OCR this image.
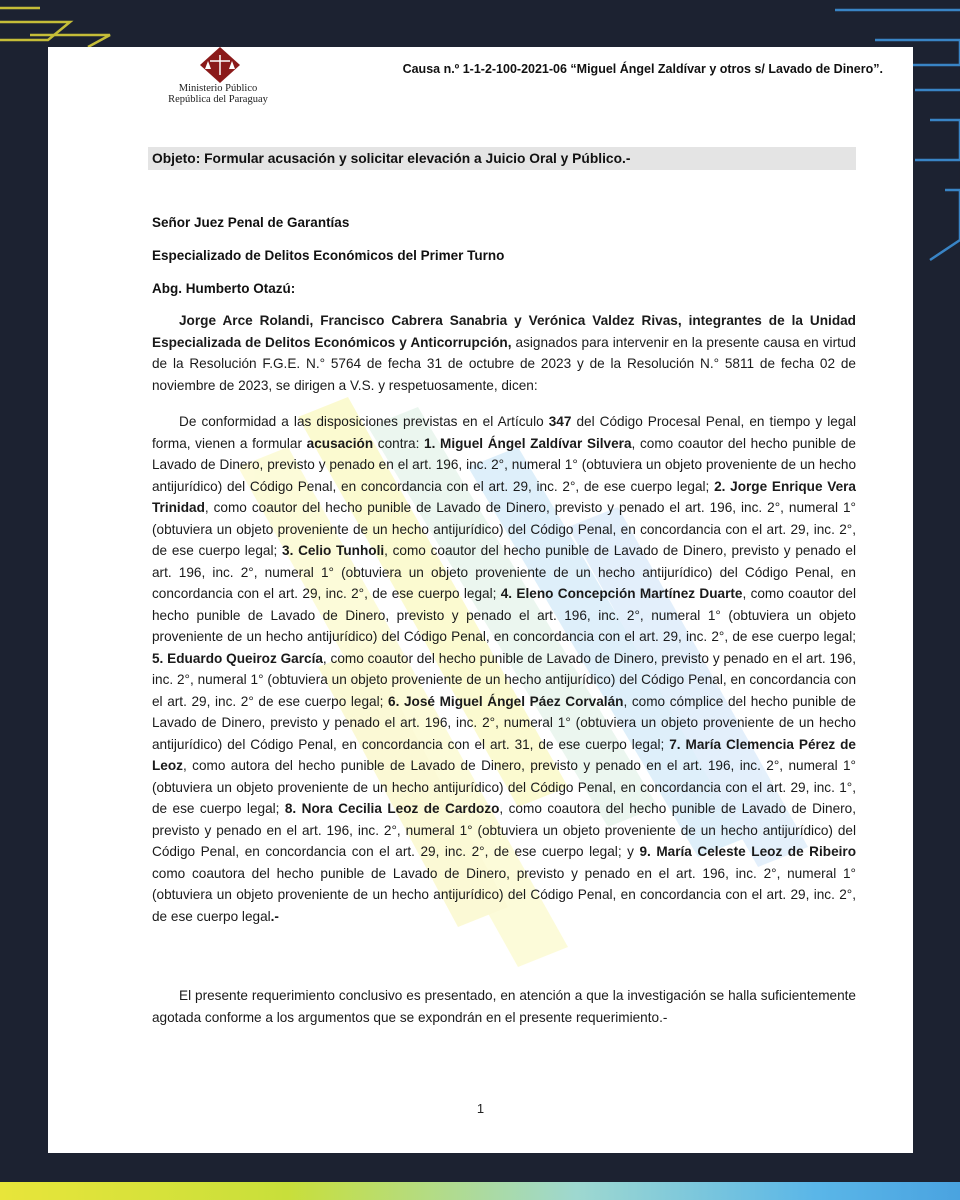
Ministerio Público
República del Paraguay
Causa n.º 1-1-2-100-2021-06 “Miguel Ángel Zaldívar y otros s/ Lavado de Dinero”.
Objeto: Formular acusación y solicitar elevación a Juicio Oral y Público.-
Señor Juez Penal de Garantías
Especializado de Delitos Económicos del Primer Turno
Abg. Humberto Otazú:

Jorge Arce Rolandi, Francisco Cabrera Sanabria y Verónica Valdez Rivas, integrantes de la Unidad Especializada de Delitos Económicos y Anticorrupción, asignados para intervenir en la presente causa en virtud de la Resolución F.G.E. N.° 5764 de fecha 31 de octubre de 2023 y de la Resolución N.° 5811 de fecha 02 de noviembre de 2023, se dirigen a V.S. y respetuosamente, dicen:

De conformidad a las disposiciones previstas en el Artículo 347 del Código Procesal Penal, en tiempo y legal forma, vienen a formular acusación contra: 1. Miguel Ángel Zaldívar Silvera, como coautor del hecho punible de Lavado de Dinero, previsto y penado en el art. 196, inc. 2°, numeral 1° (obtuviera un objeto proveniente de un hecho antijurídico) del Código Penal, en concordancia con el art. 29, inc. 2°, de ese cuerpo legal; 2. Jorge Enrique Vera Trinidad, como coautor del hecho punible de Lavado de Dinero, previsto y penado el art. 196, inc. 2°, numeral 1° (obtuviera un objeto proveniente de un hecho antijurídico) del Código Penal, en concordancia con el art. 29, inc. 2°, de ese cuerpo legal; 3. Celio Tunholi, como coautor del hecho punible de Lavado de Dinero, previsto y penado el art. 196, inc. 2°, numeral 1° (obtuviera un objeto proveniente de un hecho antijurídico) del Código Penal, en concordancia con el art. 29, inc. 2°, de ese cuerpo legal; 4. Eleno Concepción Martínez Duarte, como coautor del hecho punible de Lavado de Dinero, previsto y penado el art. 196, inc. 2°, numeral 1° (obtuviera un objeto proveniente de un hecho antijurídico) del Código Penal, en concordancia con el art. 29, inc. 2°, de ese cuerpo legal; 5. Eduardo Queiroz García, como coautor del hecho punible de Lavado de Dinero, previsto y penado en el art. 196, inc. 2°, numeral 1° (obtuviera un objeto proveniente de un hecho antijurídico) del Código Penal, en concordancia con el art. 29, inc. 2° de ese cuerpo legal; 6. José Miguel Ángel Páez Corvalán, como cómplice del hecho punible de Lavado de Dinero, previsto y penado el art. 196, inc. 2°, numeral 1° (obtuviera un objeto proveniente de un hecho antijurídico) del Código Penal, en concordancia con el art. 31, de ese cuerpo legal; 7. María Clemencia Pérez de Leoz, como autora del hecho punible de Lavado de Dinero, previsto y penado en el art. 196, inc. 2°, numeral 1° (obtuviera un objeto proveniente de un hecho antijurídico) del Código Penal, en concordancia con el art. 29, inc. 1°, de ese cuerpo legal; 8. Nora Cecilia Leoz de Cardozo, como coautora del hecho punible de Lavado de Dinero, previsto y penado en el art. 196, inc. 2°, numeral 1° (obtuviera un objeto proveniente de un hecho antijurídico) del Código Penal, en concordancia con el art. 29, inc. 2°, de ese cuerpo legal; y 9. María Celeste Leoz de Ribeiro como coautora del hecho punible de Lavado de Dinero, previsto y penado en el art. 196, inc. 2°, numeral 1° (obtuviera un objeto proveniente de un hecho antijurídico) del Código Penal, en concordancia con el art. 29, inc. 2°, de ese cuerpo legal.-

El presente requerimiento conclusivo es presentado, en atención a que la investigación se halla suficientemente agotada conforme a los argumentos que se expondrán en el presente requerimiento.-

1
